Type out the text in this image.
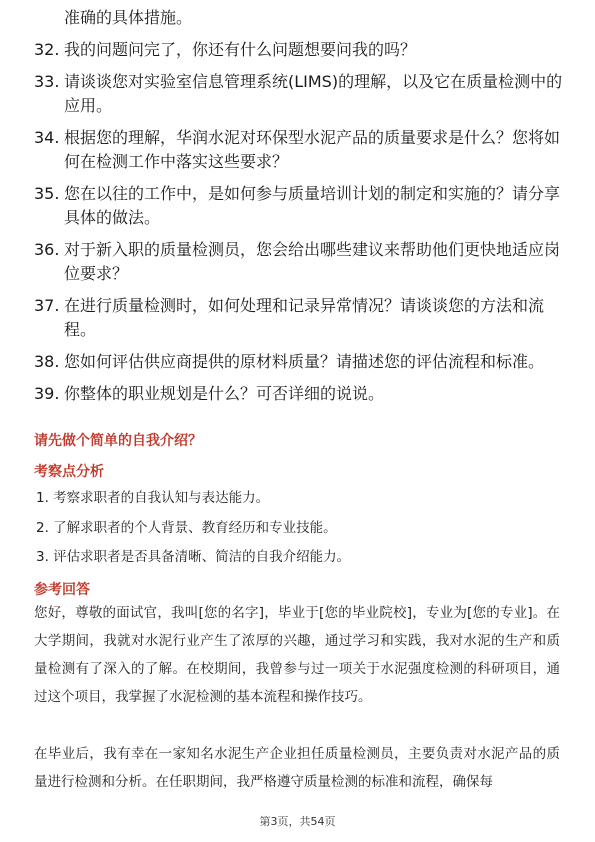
准确的具体措施。
32. 我的问题问完了，你还有什么问题想要问我的吗？
33. 请谈谈您对实验室信息管理系统(LIMS)的理解，以及它在质量检测中的应用。
34. 根据您的理解，华润水泥对环保型水泥产品的质量要求是什么？您将如何在检测工作中落实这些要求？
35. 您在以往的工作中，是如何参与质量培训计划的制定和实施的？请分享具体的做法。
36. 对于新入职的质量检测员，您会给出哪些建议来帮助他们更快地适应岗位要求？
37. 在进行质量检测时，如何处理和记录异常情况？请谈谈您的方法和流程。
38. 您如何评估供应商提供的原材料质量？请描述您的评估流程和标准。
39. 你整体的职业规划是什么？可否详细的说说。
请先做个简单的自我介绍？
考察点分析
1. 考察求职者的自我认知与表达能力。
2. 了解求职者的个人背景、教育经历和专业技能。
3. 评估求职者是否具备清晰、简洁的自我介绍能力。
参考回答
您好，尊敬的面试官，我叫[您的名字]，毕业于[您的毕业院校]，专业为[您的专业]。在大学期间，我就对水泥行业产生了浓厚的兴趣，通过学习和实践，我对水泥的生产和质量检测有了深入的了解。在校期间，我曾参与过一项关于水泥强度检测的科研项目，通过这个项目，我掌握了水泥检测的基本流程和操作技巧。
在毕业后，我有幸在一家知名水泥生产企业担任质量检测员，主要负责对水泥产品的质量进行检测和分析。在任职期间，我严格遵守质量检测的标准和流程，确保每
第3页，共54页
